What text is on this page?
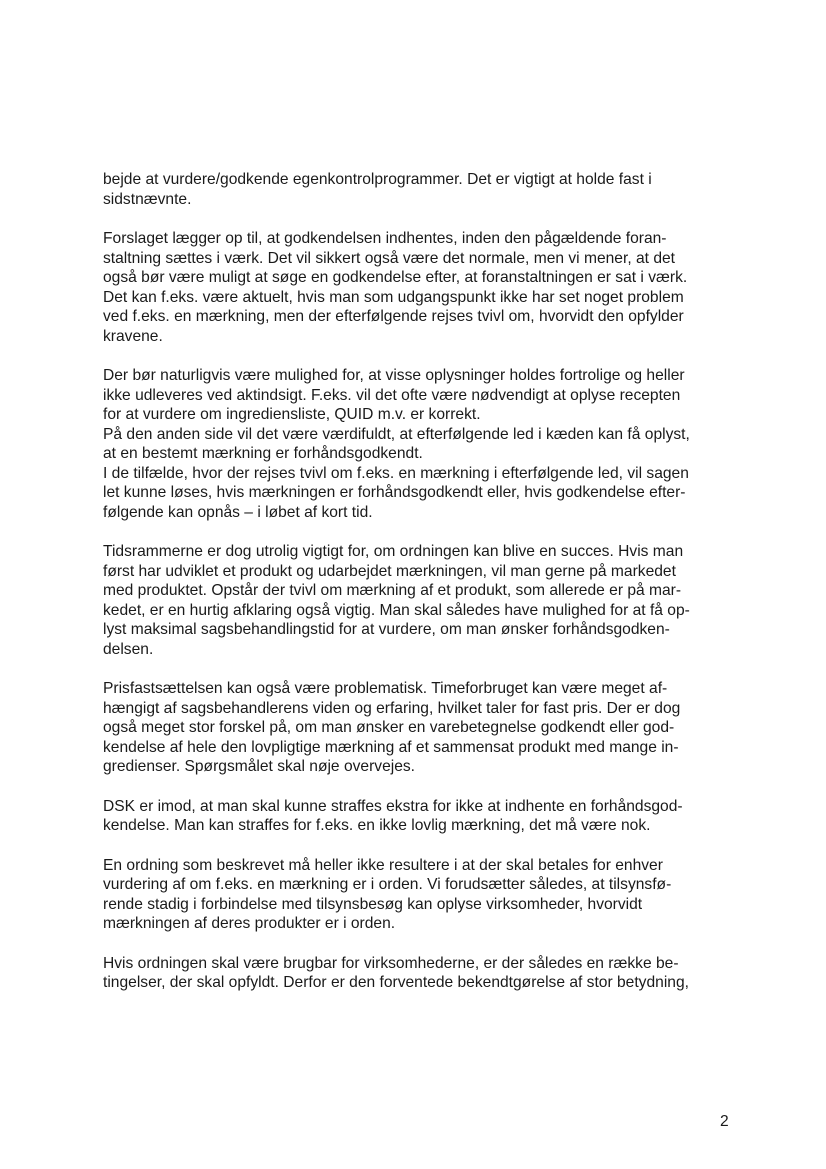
bejde at vurdere/godkende egenkontrolprogrammer. Det er vigtigt at holde fast i
sidstnævnte.
Forslaget lægger op til, at godkendelsen indhentes, inden den pågældende foran-
staltning sættes i værk. Det vil sikkert også være det normale, men vi mener, at det
også bør være muligt at søge en godkendelse efter, at foranstaltningen er sat i værk.
Det kan f.eks. være aktuelt, hvis man som udgangspunkt ikke har set noget problem
ved f.eks. en mærkning, men der efterfølgende rejses tvivl om, hvorvidt den opfylder
kravene.
Der bør naturligvis være mulighed for, at visse oplysninger holdes fortrolige og heller
ikke udleveres ved aktindsigt. F.eks. vil det ofte være nødvendigt at oplyse recepten
for at vurdere om ingrediensliste, QUID m.v. er korrekt.
På den anden side vil det være værdifuldt, at efterfølgende led i kæden kan få oplyst,
at en bestemt mærkning er forhåndsgodkendt.
I de tilfælde, hvor der rejses tvivl om f.eks. en mærkning i efterfølgende led, vil sagen
let kunne løses, hvis mærkningen er forhåndsgodkendt eller, hvis godkendelse efter-
følgende kan opnås – i løbet af kort tid.
Tidsrammerne er dog utrolig vigtigt for, om ordningen kan blive en succes. Hvis man
først har udviklet et produkt og udarbejdet mærkningen, vil man gerne på markedet
med produktet. Opstår der tvivl om mærkning af et produkt, som allerede er på mar-
kedet, er en hurtig afklaring også vigtig. Man skal således have mulighed for at få op-
lyst maksimal sagsbehandlingstid for at vurdere, om man ønsker forhåndsgodken-
delsen.
Prisfastsættelsen kan også være problematisk. Timeforbruget kan være meget af-
hængigt af sagsbehandlerens viden og erfaring, hvilket taler for fast pris. Der er dog
også meget stor forskel på, om man ønsker en varebetegnelse godkendt eller god-
kendelse af hele den lovpligtige mærkning af et sammensat produkt med mange in-
gredienser. Spørgsmålet skal nøje overvejes.
DSK er imod, at man skal kunne straffes ekstra for ikke at indhente en forhåndsgod-
kendelse. Man kan straffes for f.eks. en ikke lovlig mærkning, det må være nok.
En ordning som beskrevet må heller ikke resultere i at der skal betales for enhver
vurdering af om f.eks. en mærkning er i orden. Vi forudsætter således, at tilsynsfø-
rende stadig i forbindelse med tilsynsbesøg kan oplyse virksomheder, hvorvidt
mærkningen af deres produkter er i orden.
Hvis ordningen skal være brugbar for virksomhederne, er der således en række be-
tingelser, der skal opfyldt. Derfor er den forventede bekendtgørelse af stor betydning,
2
